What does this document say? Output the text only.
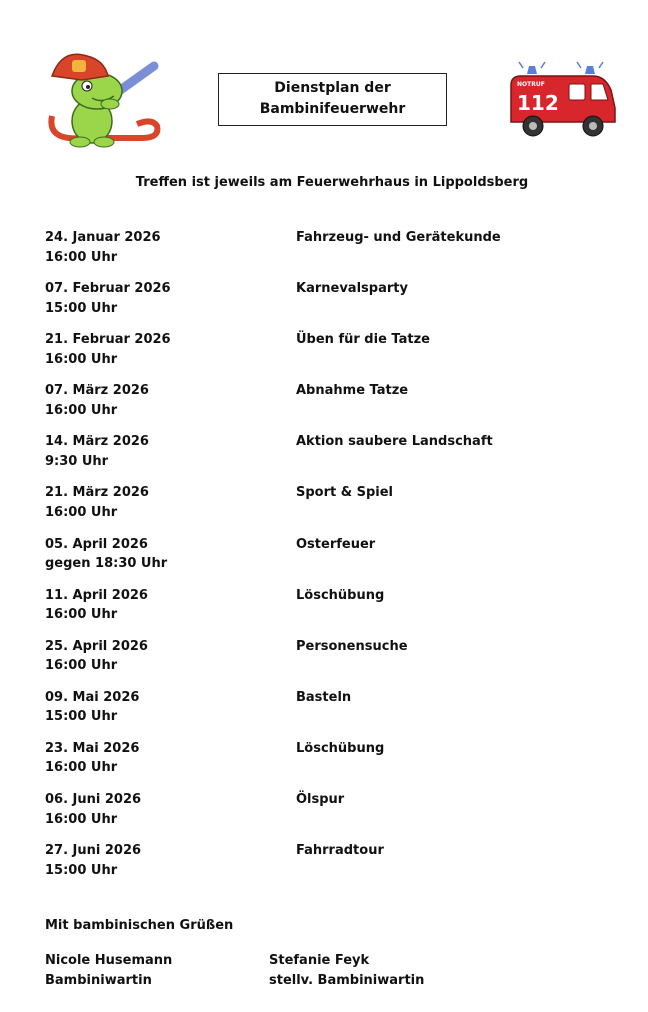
Dienstplan der
Bambinifeuerwehr
NOTRUF
112
Treffen ist jeweils am Feuerwehrhaus in Lippoldsberg
24. Januar 2026
16:00 Uhr
Fahrzeug- und Gerätekunde
07. Februar 2026
15:00 Uhr
Karnevalsparty
21. Februar 2026
16:00 Uhr
Üben für die Tatze
07. März 2026
16:00 Uhr
Abnahme Tatze
14. März 2026
9:30 Uhr
Aktion saubere Landschaft
21. März 2026
16:00 Uhr
Sport & Spiel
05. April 2026
gegen 18:30 Uhr
Osterfeuer
11. April 2026
16:00 Uhr
Löschübung
25. April 2026
16:00 Uhr
Personensuche
09. Mai 2026
15:00 Uhr
Basteln
23. Mai 2026
16:00 Uhr
Löschübung
06. Juni 2026
16:00 Uhr
Ölspur
27. Juni 2026
15:00 Uhr
Fahrradtour
Mit bambinischen Grüßen
Nicole Husemann
Bambiniwartin
Stefanie Feyk
stellv. Bambiniwartin
